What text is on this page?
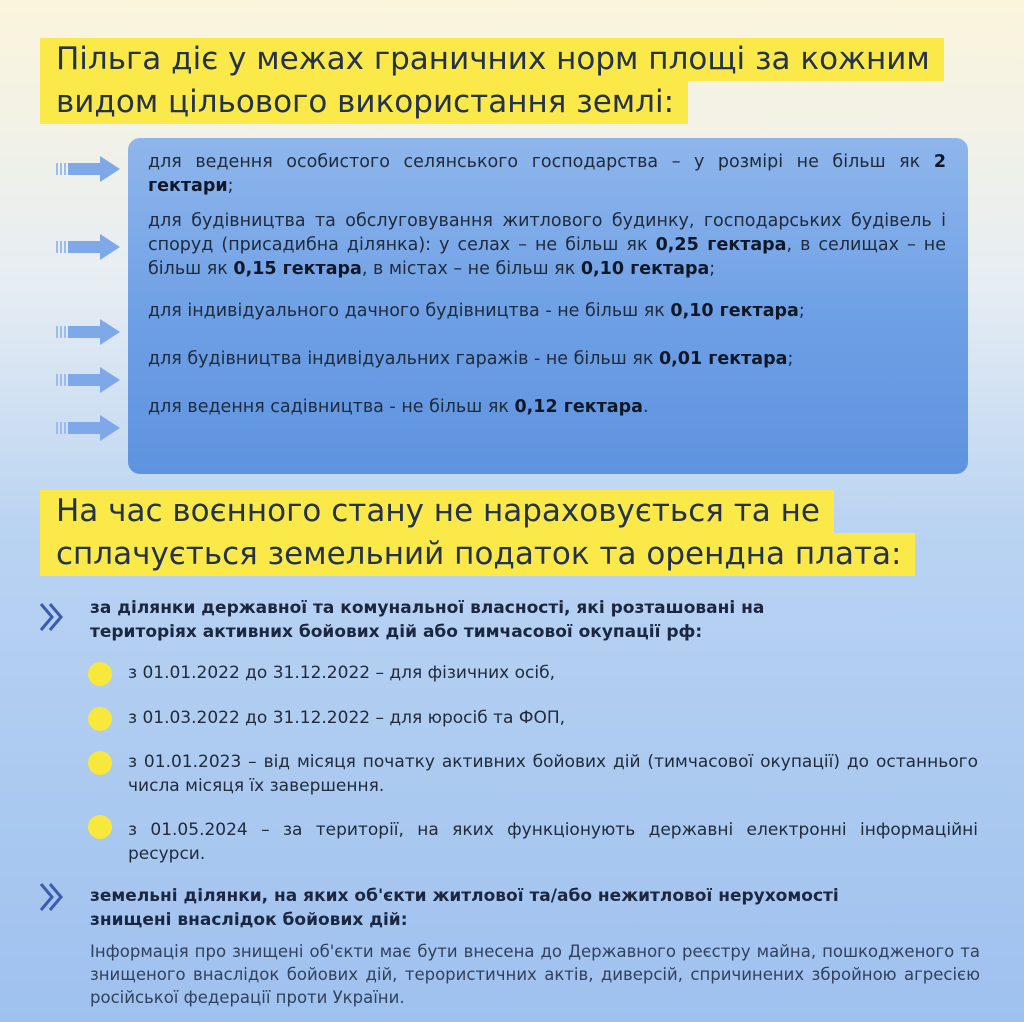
Пільга діє у межах граничних норм площі за кожним
видом цільового використання землі:

для ведення особистого селянського господарства – у розмірі не більш як 2 гектари;

для будівництва та обслуговування житлового будинку, господарських будівель і споруд (присадибна ділянка): у селах – не більш як 0,25 гектара, в селищах – не більш як 0,15 гектара, в містах – не більш як 0,10 гектара;

для індивідуального дачного будівництва - не більш як 0,10 гектара;

для будівництва індивідуальних гаражів - не більш як 0,01 гектара;

для ведення садівництва - не більш як 0,12 гектара.

На час воєнного стану не нараховується та не
сплачується земельний податок та орендна плата:
за ділянки державної та комунальної власності, які розташовані на
територіях активних бойових дій або тимчасової окупації рф:
з 01.01.2022 до 31.12.2022 – для фізичних осіб,
з 01.03.2022 до 31.12.2022 – для юросіб та ФОП,
з 01.01.2023 – від місяця початку активних бойових дій (тимчасової окупації) до останнього числа місяця їх завершення.
з 01.05.2024 – за території, на яких функціонують державні електронні інформаційні ресурси.
земельні ділянки, на яких об'єкти житлової та/або нежитлової нерухомості
знищені внаслідок бойових дій:
Інформація про знищені об'єкти має бути внесена до Державного реєстру майна, пошкодженого та знищеного внаслідок бойових дій, терористичних актів, диверсій, спричинених збройною агресією російської федерації проти України.
